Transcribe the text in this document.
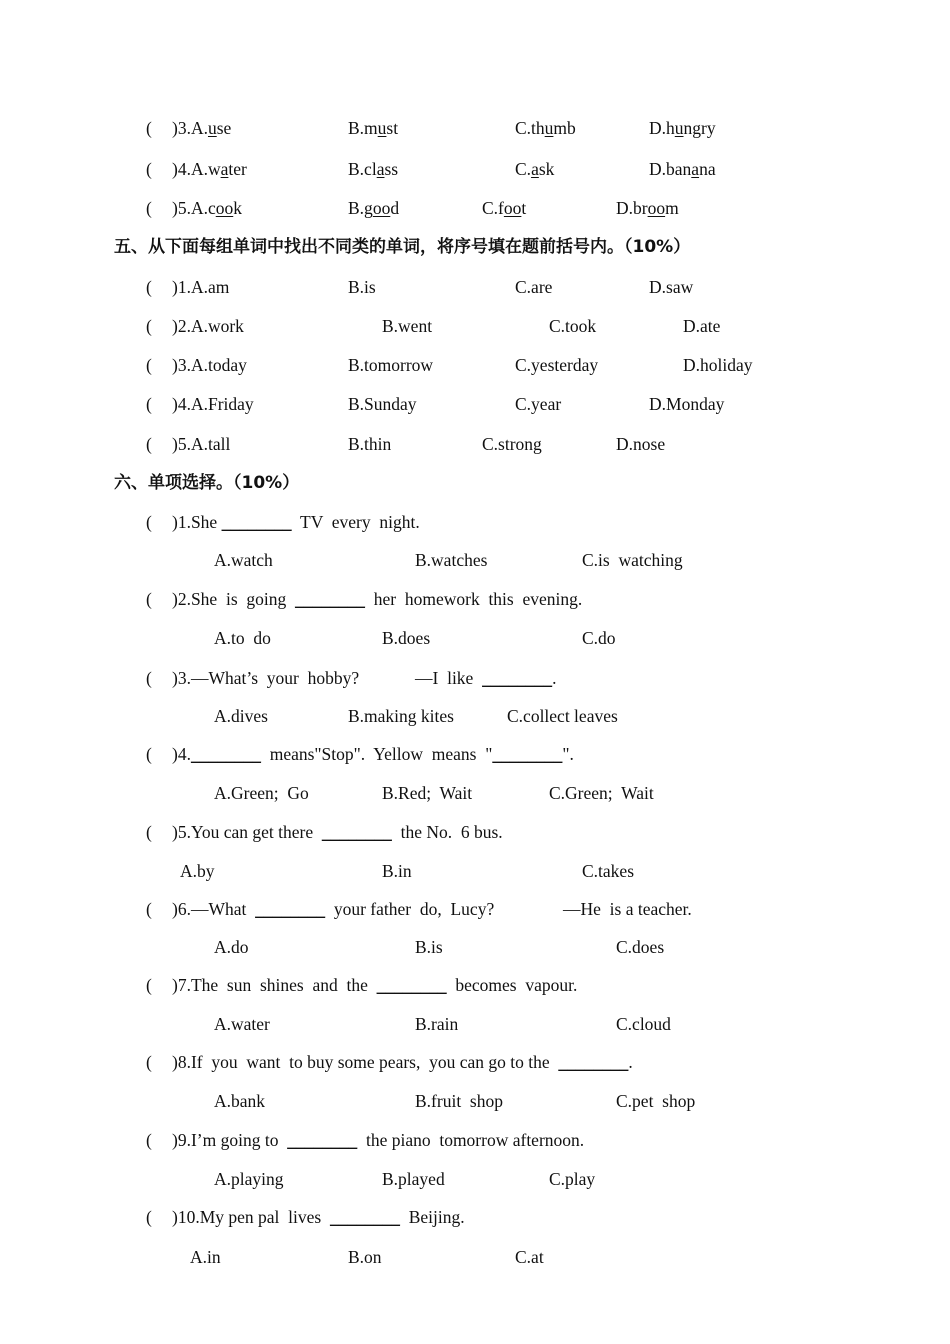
( )3.A.use	B.must	C.thumb	D.hungry
( )4.A.water	B.class	C.ask	D.banana
( )5.A.cook	B.good	C.foot	D.broom
五、从下面每组单词中找出不同类的单词，将序号填在题前括号内。（10%）
( )1.A.am	B.is	C.are	D.saw
( )2.A.work	B.went	C.took	D.ate
( )3.A.today	B.tomorrow	C.yesterday	D.holiday
( )4.A.Friday	B.Sunday	C.year	D.Monday
( )5.A.tall	B.thin	C.strong	D.nose
六、单项选择。（10%）
( )1.She ________  TV  every  night.
A.watch	B.watches	C.is  watching
( )2.She  is  going  ________  her  homework  this  evening.
A.to  do	B.does	C.do
( )3.—What’s  your  hobby?	—I  like  ________.
A.dives	B.making kites	C.collect leaves
( )4.________  means"Stop".  Yellow  means  "________".
A.Green;  Go	B.Red;  Wait	C.Green;  Wait
( )5.You can get there  ________  the No.  6 bus.
A.by	B.in	C.takes
( )6.—What  ________  your father  do,  Lucy?	—He  is a teacher.
A.do	B.is	C.does
( )7.The  sun  shines  and  the  ________  becomes  vapour.
A.water	B.rain	C.cloud
( )8.If  you  want  to buy some pears,  you can go to the  ________.
A.bank	B.fruit  shop	C.pet  shop
( )9.I’m going to  ________  the piano  tomorrow afternoon.
A.playing	B.played	C.play
( )10.My pen pal  lives  ________  Beijing.
A.in	B.on	C.at
